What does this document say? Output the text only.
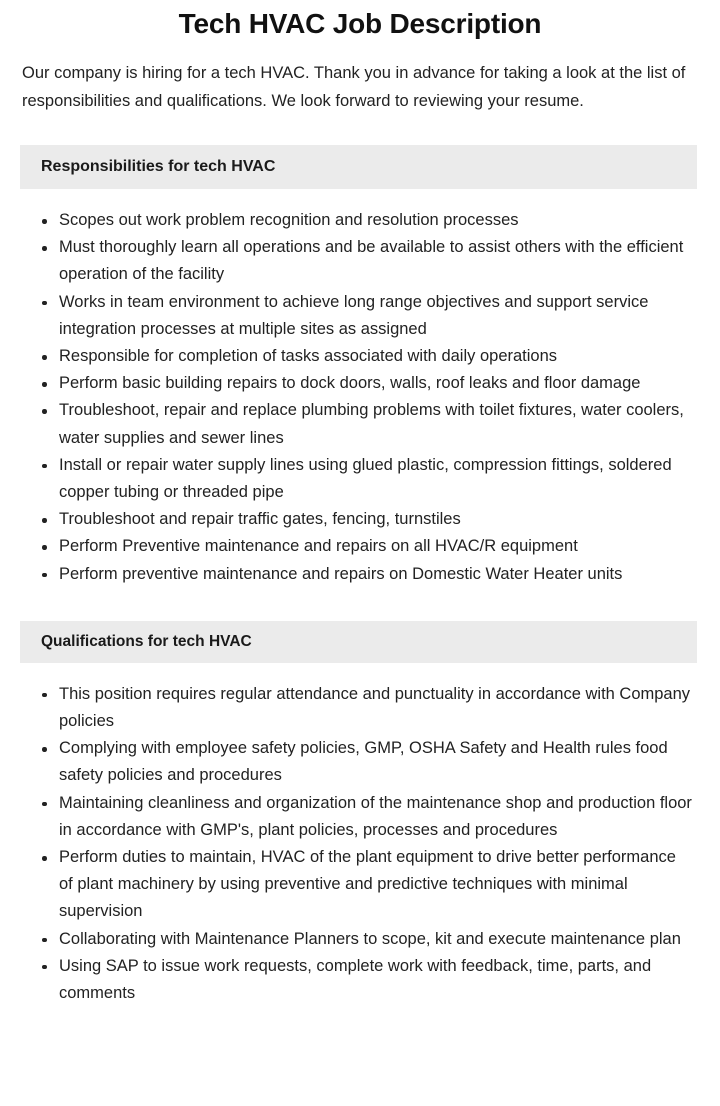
Tech HVAC Job Description

Our company is hiring for a tech HVAC. Thank you in advance for taking a look at the list of responsibilities and qualifications. We look forward to reviewing your resume.

Responsibilities for tech HVAC
Scopes out work problem recognition and resolution processes
Must thoroughly learn all operations and be available to assist others with the efficient operation of the facility
Works in team environment to achieve long range objectives and support service integration processes at multiple sites as assigned
Responsible for completion of tasks associated with daily operations
Perform basic building repairs to dock doors, walls, roof leaks and floor damage
Troubleshoot, repair and replace plumbing problems with toilet fixtures, water coolers, water supplies and sewer lines
Install or repair water supply lines using glued plastic, compression fittings, soldered copper tubing or threaded pipe
Troubleshoot and repair traffic gates, fencing, turnstiles
Perform Preventive maintenance and repairs on all HVAC/R equipment
Perform preventive maintenance and repairs on Domestic Water Heater units
Qualifications for tech HVAC
This position requires regular attendance and punctuality in accordance with Company policies
Complying with employee safety policies, GMP, OSHA Safety and Health rules food safety policies and procedures
Maintaining cleanliness and organization of the maintenance shop and production floor in accordance with GMP's, plant policies, processes and procedures
Perform duties to maintain, HVAC of the plant equipment to drive better performance of plant machinery by using preventive and predictive techniques with minimal supervision
Collaborating with Maintenance Planners to scope, kit and execute maintenance plan
Using SAP to issue work requests, complete work with feedback, time, parts, and comments
